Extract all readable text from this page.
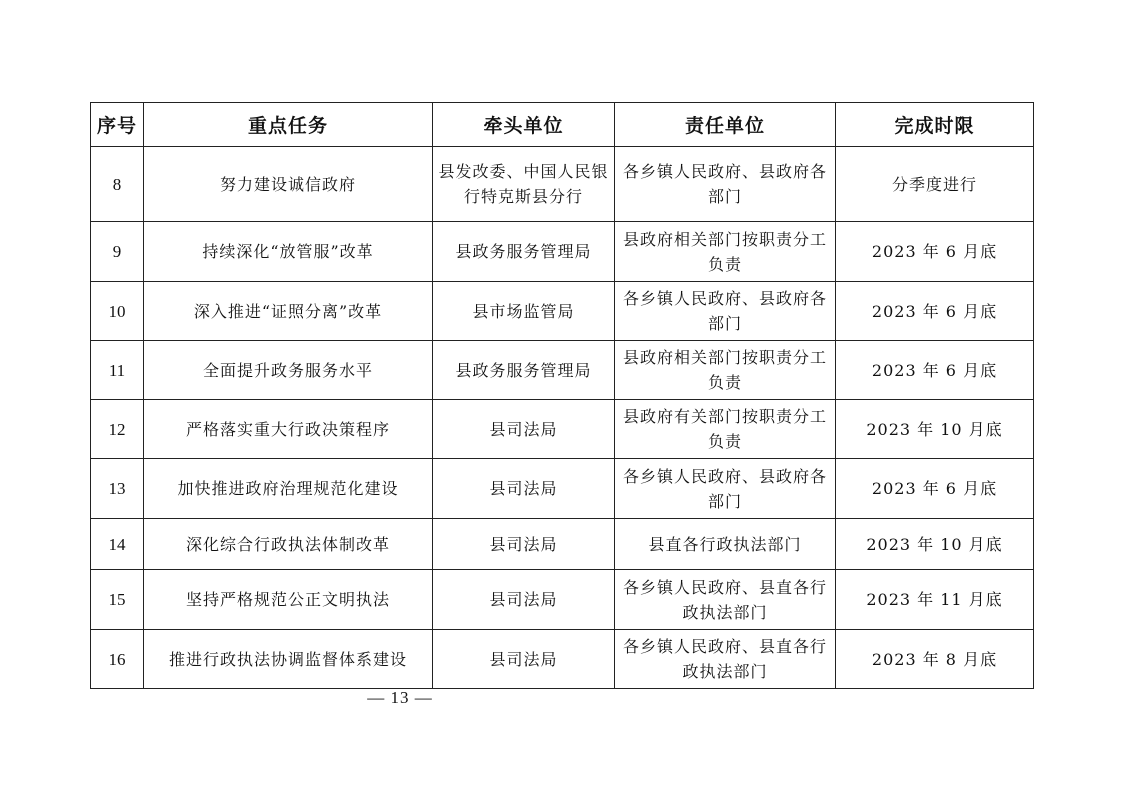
序号	重点任务	牵头单位	责任单位	完成时限
8	努力建设诚信政府	县发改委、中国人民银行特克斯县分行	各乡镇人民政府、县政府各部门	分季度进行
9	持续深化“放管服”改革	县政务服务管理局	县政府相关部门按职责分工负责	2023 年 6 月底
10	深入推进“证照分离”改革	县市场监管局	各乡镇人民政府、县政府各部门	2023 年 6 月底
11	全面提升政务服务水平	县政务服务管理局	县政府相关部门按职责分工负责	2023 年 6 月底
12	严格落实重大行政决策程序	县司法局	县政府有关部门按职责分工负责	2023 年 10 月底
13	加快推进政府治理规范化建设	县司法局	各乡镇人民政府、县政府各部门	2023 年 6 月底
14	深化综合行政执法体制改革	县司法局	县直各行政执法部门	2023 年 10 月底
15	坚持严格规范公正文明执法	县司法局	各乡镇人民政府、县直各行政执法部门	2023 年 11 月底
16	推进行政执法协调监督体系建设	县司法局	各乡镇人民政府、县直各行政执法部门	2023 年 8 月底
— 13 —
